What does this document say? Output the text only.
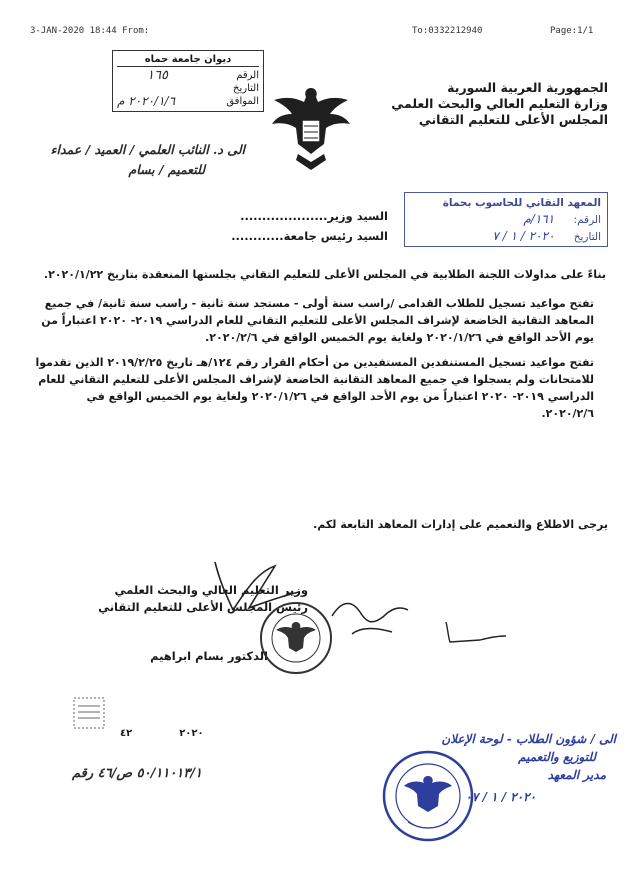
3-JAN-2020 18:44 From:	To:0332212940	Page:1/1
ديوان جامعة حماه
الرقم
١٦٥
التاريخ
الموافق
٢٠٢٠/١/٦ م
الجمهورية العربية السورية
وزارة التعليم العالي والبحث العلمي
المجلس الأعلى للتعليم التقاني
الى د. النائب العلمي / العميد / عمداء
للتعميم / بسام
المعهد التقاني للحاسوب بحماة
الرقم: ١٦١/م
التاريخ ٢٠٢٠ / ١ / ٧
السيد وزير....................
السيد رئيس جامعة............

بناءً على مداولات اللجنة الطلابية في المجلس الأعلى للتعليم التقاني بجلستها المنعقدة بتاريخ ٢٠٢٠/١/٢٢.

تفتح مواعيد تسجيل للطلاب القدامى /راسب سنة أولى - مستجد سنة ثانية - راسب سنة ثانية/ في جميع المعاهد التقانية الخاضعة لإشراف المجلس الأعلى للتعليم التقاني للعام الدراسي ٢٠١٩- ٢٠٢٠ اعتباراً من يوم الأحد الواقع في ٢٠٢٠/١/٢٦ ولغاية يوم الخميس الواقع في ٢٠٢٠/٢/٦.

تفتح مواعيد تسجيل المستنفدين المستفيدين من أحكام القرار رقم ١٢٤/هـ تاريخ ٢٠١٩/٢/٢٥ الذين تقدموا للامتحانات ولم يسجلوا في جميع المعاهد التقانية الخاضعة لإشراف المجلس الأعلى للتعليم التقاني للعام الدراسي ٢٠١٩- ٢٠٢٠ اعتباراً من يوم الأحد الواقع في ٢٠٢٠/١/٢٦ ولغاية يوم الخميس الواقع في ٢٠٢٠/٢/٦.

يرجى الاطلاع والتعميم على إدارات المعاهد التابعة لكم.
وزير التعليم العالي والبحث العلمي
رئيس المجلس الأعلى للتعليم التقاني
الدكتور بسام ابراهيم
٢٠٢٠  ٤٢
٥٠/١١٠١٣/١ ص/٤٦ رقم
الى / شؤون الطلاب - لوحة الإعلان
للتوزيع والتعميم
مدير المعهد
٢٠٢٠ / ١ / ٠٧
